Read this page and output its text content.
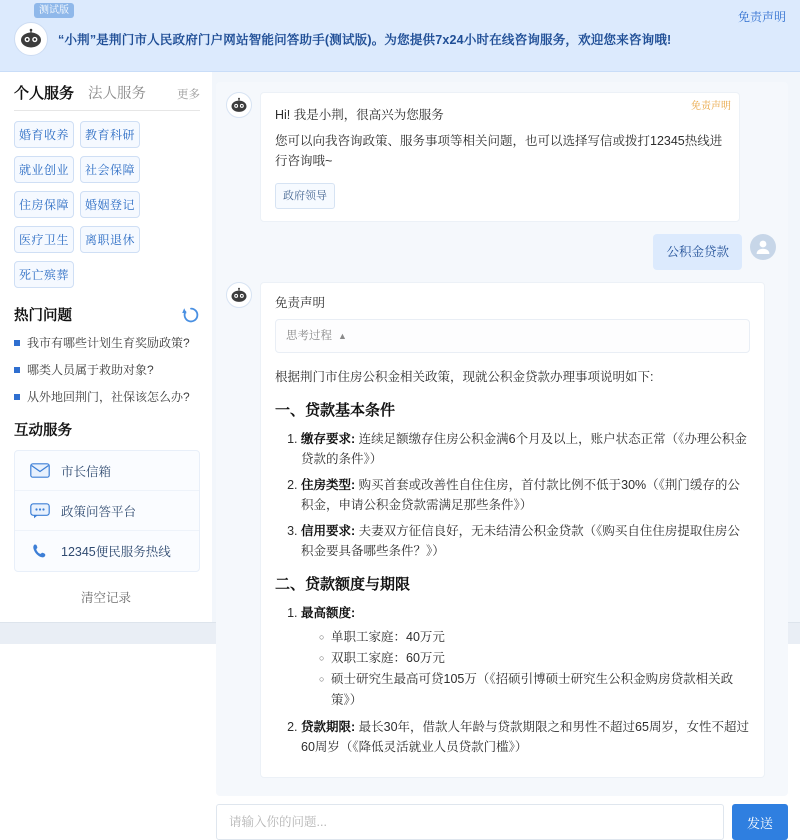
测试版	免责声明
“小荆”是荆门市人民政府门户网站智能问答助手(测试版)。为您提供7x24小时在线咨询服务，欢迎您来咨询哦!
个人服务 法人服务	更多
婚育收养	教育科研
就业创业	社会保障
住房保障	婚姻登记
医疗卫生	离职退休
死亡殡葬
热门问题
我市有哪些计划生育奖励政策?
哪类人员属于救助对象?
从外地回荆门，社保该怎么办?
互动服务
市长信箱
政策问答平台
12345便民服务热线
清空记录
免责声明

Hi! 我是小荆，很高兴为您服务

您可以向我咨询政策、服务事项等相关问题，也可以选择写信或拨打12345热线进行咨询哦~

政府领导
公积金贷款
免责声明
思考过程 ▲

根据荆门市住房公积金相关政策，现就公积金贷款办理事项说明如下:

一、贷款基本条件
1. 缴存要求: 连续足额缴存住房公积金满6个月及以上，账户状态正常（《办理公积金贷款的条件》）
2. 住房类型: 购买首套或改善性自住住房，首付款比例不低于30%（《荆门缓存的公积金，申请公积金贷款需满足那些条件》）
3. 信用要求: 夫妻双方征信良好，无未结清公积金贷款（《购买自住住房提取住房公积金要具备哪些条件？》）
二、贷款额度与期限
1. 最高额度:
○ 单职工家庭：40万元
○ 双职工家庭：60万元
○ 硕士研究生最高可贷105万（《招硕引博硕士研究生公积金购房贷款相关政策》）
2. 贷款期限: 最长30年，借款人年龄与贷款期限之和男性不超过65周岁，女性不超过60周岁（《降低灵活就业人员贷款门槛》）
请输入你的问题...
发送
